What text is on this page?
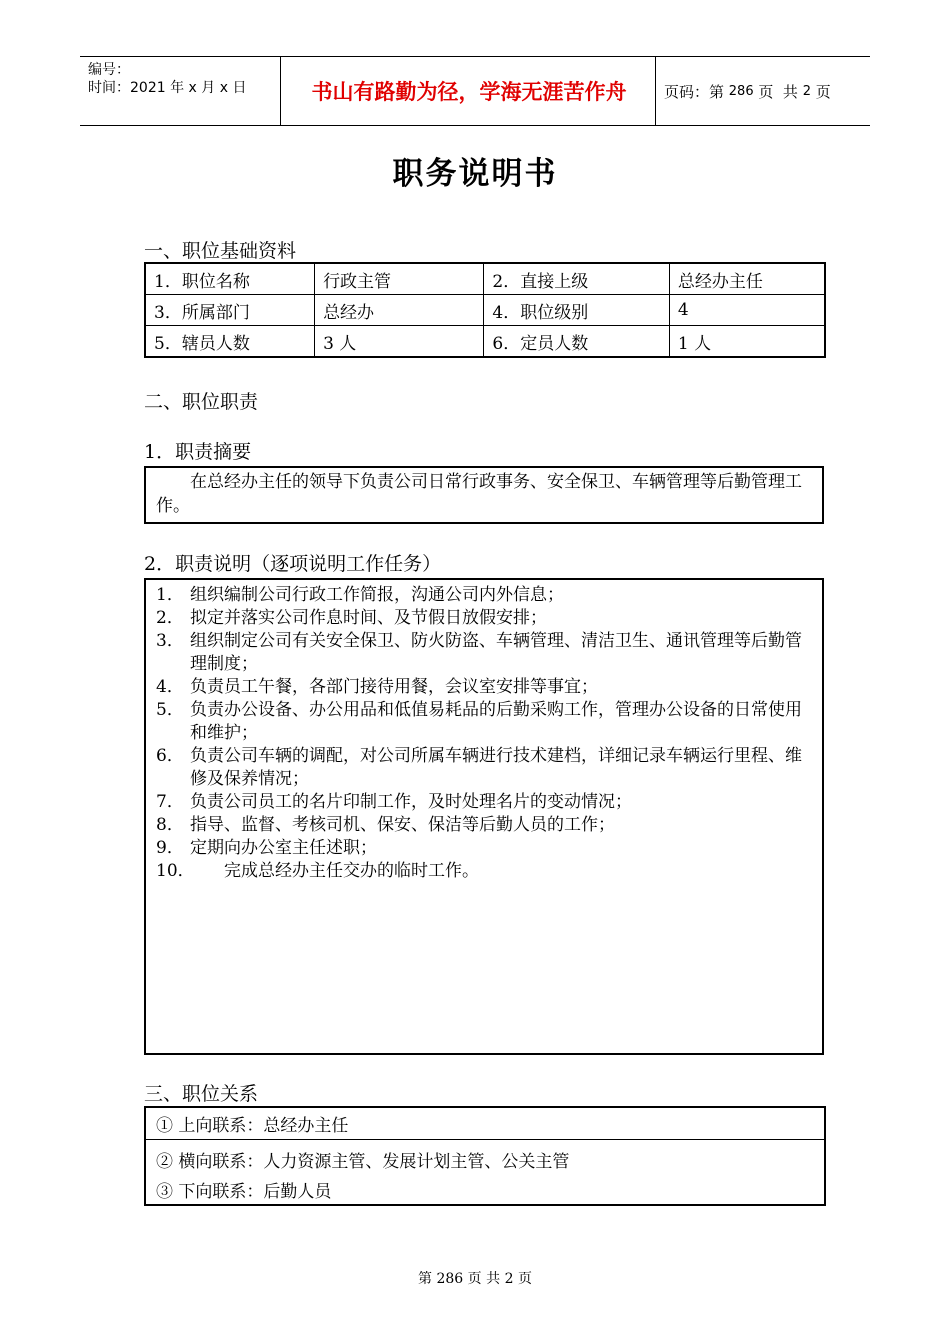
编号：
时间：2021 年 x 月 x 日	书山有路勤为径，学海无涯苦作舟	页码：第 286 页  共 2 页
职务说明书
一、职位基础资料
1．职位名称	行政主管	2．直接上级	总经办主任
3．所属部门	总经办	4．职位级别	4
5．辖员人数	3 人	6．定员人数	1 人
二、职位职责
1．职责摘要
在总经办主任的领导下负责公司日常行政事务、安全保卫、车辆管理等后勤管理工作。
2．职责说明（逐项说明工作任务）
1． 组织编制公司行政工作简报，沟通公司内外信息；
2． 拟定并落实公司作息时间、及节假日放假安排；
3． 组织制定公司有关安全保卫、防火防盗、车辆管理、清洁卫生、通讯管理等后勤管理制度；
4． 负责员工午餐，各部门接待用餐，会议室安排等事宜；
5． 负责办公设备、办公用品和低值易耗品的后勤采购工作，管理办公设备的日常使用和维护；
6． 负责公司车辆的调配，对公司所属车辆进行技术建档，详细记录车辆运行里程、维修及保养情况；
7． 负责公司员工的名片印制工作，及时处理名片的变动情况；
8． 指导、监督、考核司机、保安、保洁等后勤人员的工作；
9． 定期向办公室主任述职；
10．	完成总经办主任交办的临时工作。
三、职位关系
① 上向联系：总经办主任
② 横向联系：人力资源主管、发展计划主管、公关主管
③ 下向联系：后勤人员
第 286 页 共 2 页
